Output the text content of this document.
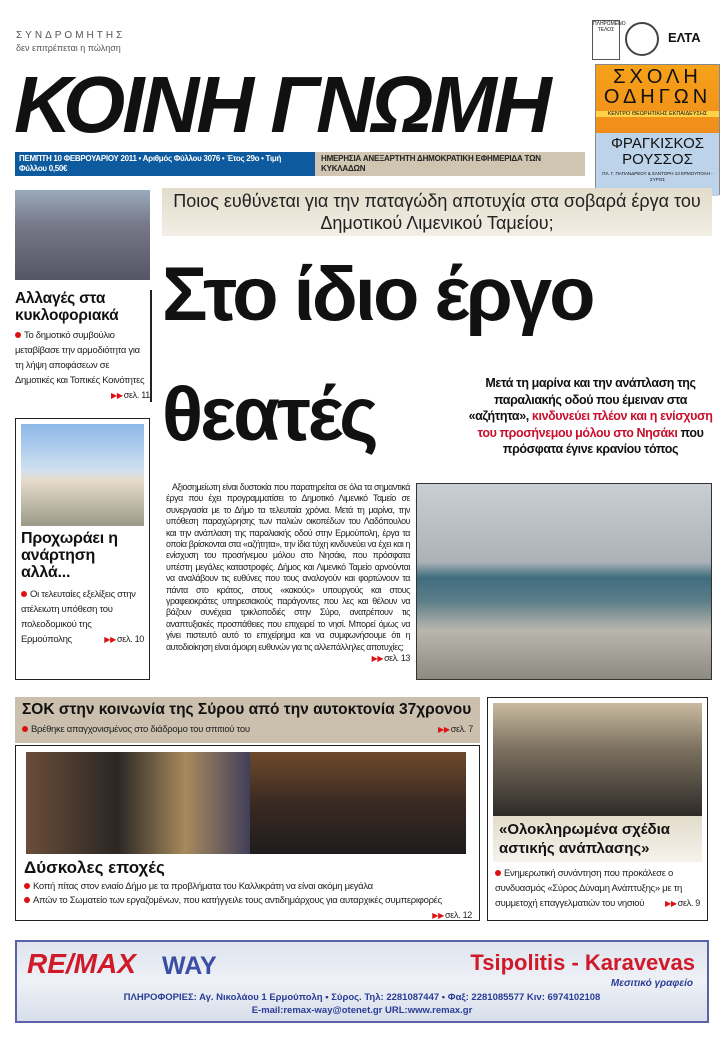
ΣΥΝΔΡΟΜΗΤΗΣ
δεν επιτρέπεται η πώληση
ΚΟΙΝΗ ΓΝΩΜΗ
ΠΕΜΠΤΗ 10 ΦΕΒΡΟΥΑΡΙΟΥ 2011 • Αριθμός Φύλλου 3076 • Έτος 29ο • Τιμή Φύλλου 0,50€
ΗΜΕΡΗΣΙΑ ΑΝΕΞΑΡΤΗΤΗ ΔΗΜΟΚΡΑΤΙΚΗ ΕΦΗΜΕΡΙΔΑ ΤΩΝ ΚΥΚΛΑΔΩΝ
ΠΛΗΡΩΜΕΝΟ ΤΕΛΟΣ	ΕΛΤΑ
ΣΧΟΛΗ
ΟΔΗΓΩΝ
ΚΕΝΤΡΟ ΘΕΩΡΗΤΙΚΗΣ ΕΚΠΑΙΔΕΥΣΗΣ
ΦΡΑΓΚΙΣΚΟΣ
ΡΟΥΣΣΟΣ
ΠΛ. Γ. ΠΑΠΑΝΔΡΕΟΥ & ΣΑΝΤΟΡΗ 13 ΕΡΜΟΥΠΟΛΗ - ΣΥΡΟΣ
Αλλαγές στα κυκλοφοριακά
Το δημοτικό συμβούλιο μεταβίβασε την αρμοδιότητα για τη λήψη αποφάσεων σε Δημοτικές και Τοπικές Κοινότητες
▶▶σελ. 11
Προχωράει η ανάρτηση αλλά...
Οι τελευταίες εξελίξεις στην ατέλειωτη υπόθεση του πολεοδομικού της Ερμούπολης	▶▶σελ. 10
Ποιος ευθύνεται για την παταγώδη αποτυχία στα σοβαρά έργα του Δημοτικού Λιμενικού Ταμείου;
Στο ίδιο έργο
θεατές	Μετά τη μαρίνα και την ανάπλαση της παραλιακής οδού που έμειναν στα «αζήτητα», κινδυνεύει πλέον και η ενίσχυση του προσήνεμου μόλου στο Νησάκι που πρόσφατα έγινε κρανίου τόπος
Αξιοσημείωτη είναι δυστοκία που παρατηρείται σε όλα τα σημαντικά έργα που έχει προγραμματίσει το Δημοτικό Λιμενικό Ταμείο σε συνεργασία με το Δήμο τα τελευταία χρόνια. Μετά τη μαρίνα, την υπόθεση παραχώρησης των παλιών οικοπέδων του Λαδόπουλου και την ανάπλαση της παραλιακής οδού στην Ερμούπολη, έργα τα οποία βρίσκονται στα «αζήτητα», την ίδια τύχη κινδυνεύει να έχει και η ενίσχυση του προσήνεμου μόλου στο Νησάκι, που πρόσφατα υπέστη μεγάλες καταστροφές. Δήμος και Λιμενικό Ταμείο αρνούνται να αναλάβουν τις ευθύνες που τους αναλογούν και φορτώνουν τα πάντα στο κράτος, στους «κακούς» υπουργούς και στους γραφειοκράτες υπηρεσιακούς παράγοντες που λες και θέλουν να βάζουν συνέχεια τρικλοποδιές στην Σύρο, ανατρέπουν τις αναπτυξιακές προσπάθειες που επιχειρεί το νησί. Μπορεί όμως να γίνει πιστευτό αυτό το επιχείρημα και να συμφωνήσουμε ότι η αυτοδιοίκηση είναι άμοιρη ευθυνών για τις αλλεπάλληλες αποτυχίες;
▶▶σελ. 13
ΣΟΚ στην κοινωνία της Σύρου από την αυτοκτονία 37χρονου
Βρέθηκε απαγχονισμένος στο διάδρομο του σπιτιού του	▶▶σελ. 7
Δύσκολες εποχές
Κοπή πίτας στον ενιαίο Δήμο με τα προβλήματα του Καλλικράτη να είναι ακόμη μεγάλα
Απών το Σωματείο των εργαζομένων, που κατήγγειλε τους αντιδημάρχους για αυταρχικές συμπεριφορές
▶▶σελ. 12
«Ολοκληρωμένα σχέδια αστικής ανάπλασης»
Ενημερωτική συνάντηση που προκάλεσε ο συνδυασμός «Σύρος Δύναμη Ανάπτυξης» με τη συμμετοχή επαγγελματιών του νησιού	▶▶σελ. 9
RE/MAX WAY	Tsipolitis - Karavevas
Μεσιτικό γραφείο
ΠΛΗΡΟΦΟΡΙΕΣ: Αγ. Νικολάου 1 Ερμούπολη • Σύρος. Τηλ: 2281087447 • Φαξ: 2281085577 Κιν: 6974102108
E-mail:remax-way@otenet.gr URL:www.remax.gr
